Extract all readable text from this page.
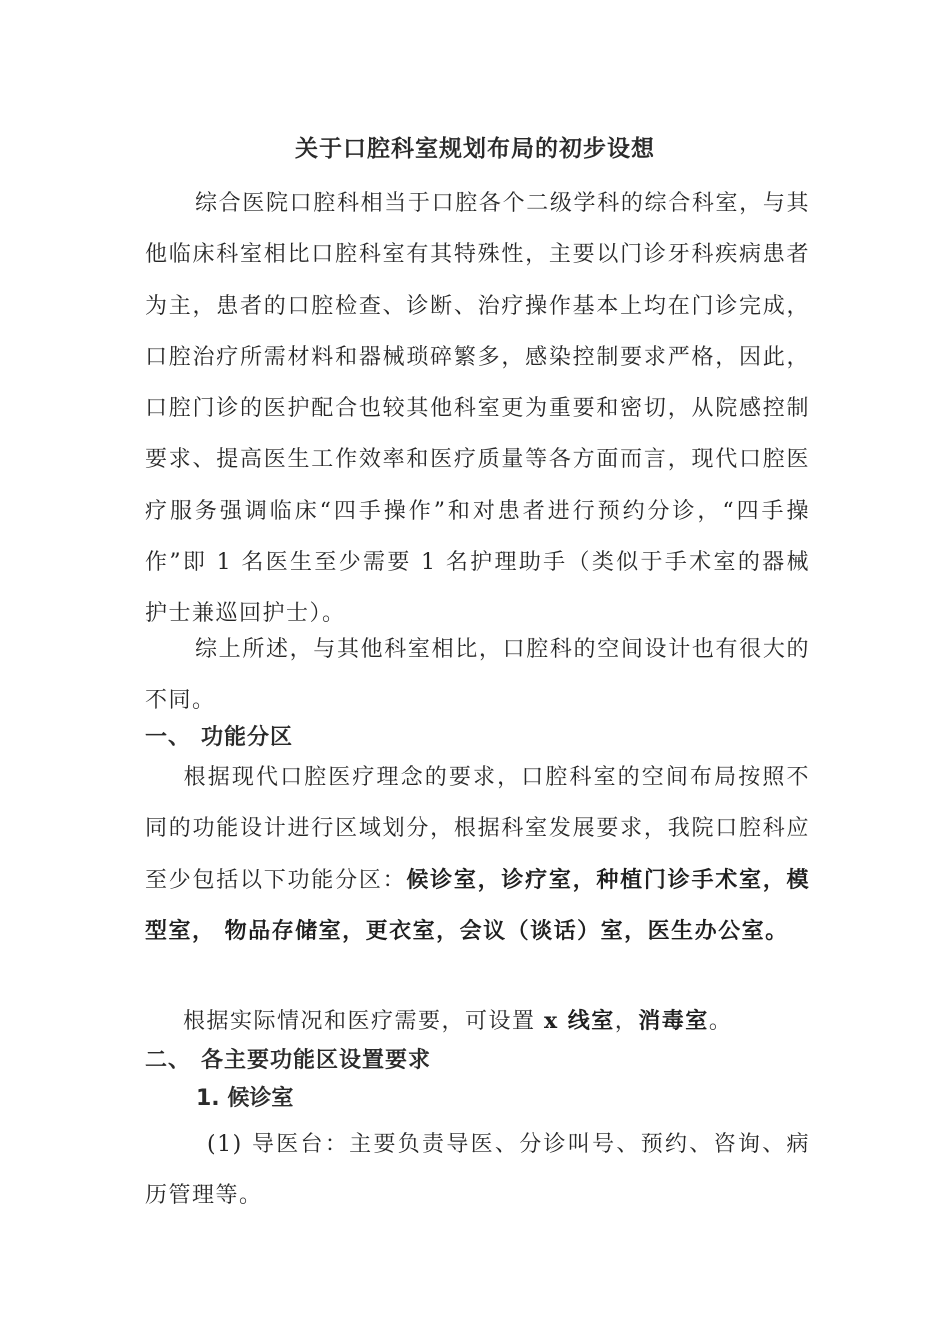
关于口腔科室规划布局的初步设想
综合医院口腔科相当于口腔各个二级学科的综合科室，与其他临床科室相比口腔科室有其特殊性，主要以门诊牙科疾病患者为主，患者的口腔检查、诊断、治疗操作基本上均在门诊完成，口腔治疗所需材料和器械琐碎繁多，感染控制要求严格，因此，口腔门诊的医护配合也较其他科室更为重要和密切，从院感控制要求、提高医生工作效率和医疗质量等各方面而言，现代口腔医疗服务强调临床“四手操作”和对患者进行预约分诊，“四手操作”即 1 名医生至少需要 1 名护理助手（类似于手术室的器械护士兼巡回护士）。
综上所述，与其他科室相比，口腔科的空间设计也有很大的不同。
一、 功能分区
根据现代口腔医疗理念的要求，口腔科室的空间布局按照不同的功能设计进行区域划分，根据科室发展要求，我院口腔科应至少包括以下功能分区：候诊室，诊疗室，种植门诊手术室，模型室， 物品存储室，更衣室，会议（谈话）室，医生办公室。
根据实际情况和医疗需要，可设置 x 线室，消毒室。
二、 各主要功能区设置要求
1. 候诊室
(1) 导医台：主要负责导医、分诊叫号、预约、咨询、病历管理等。
